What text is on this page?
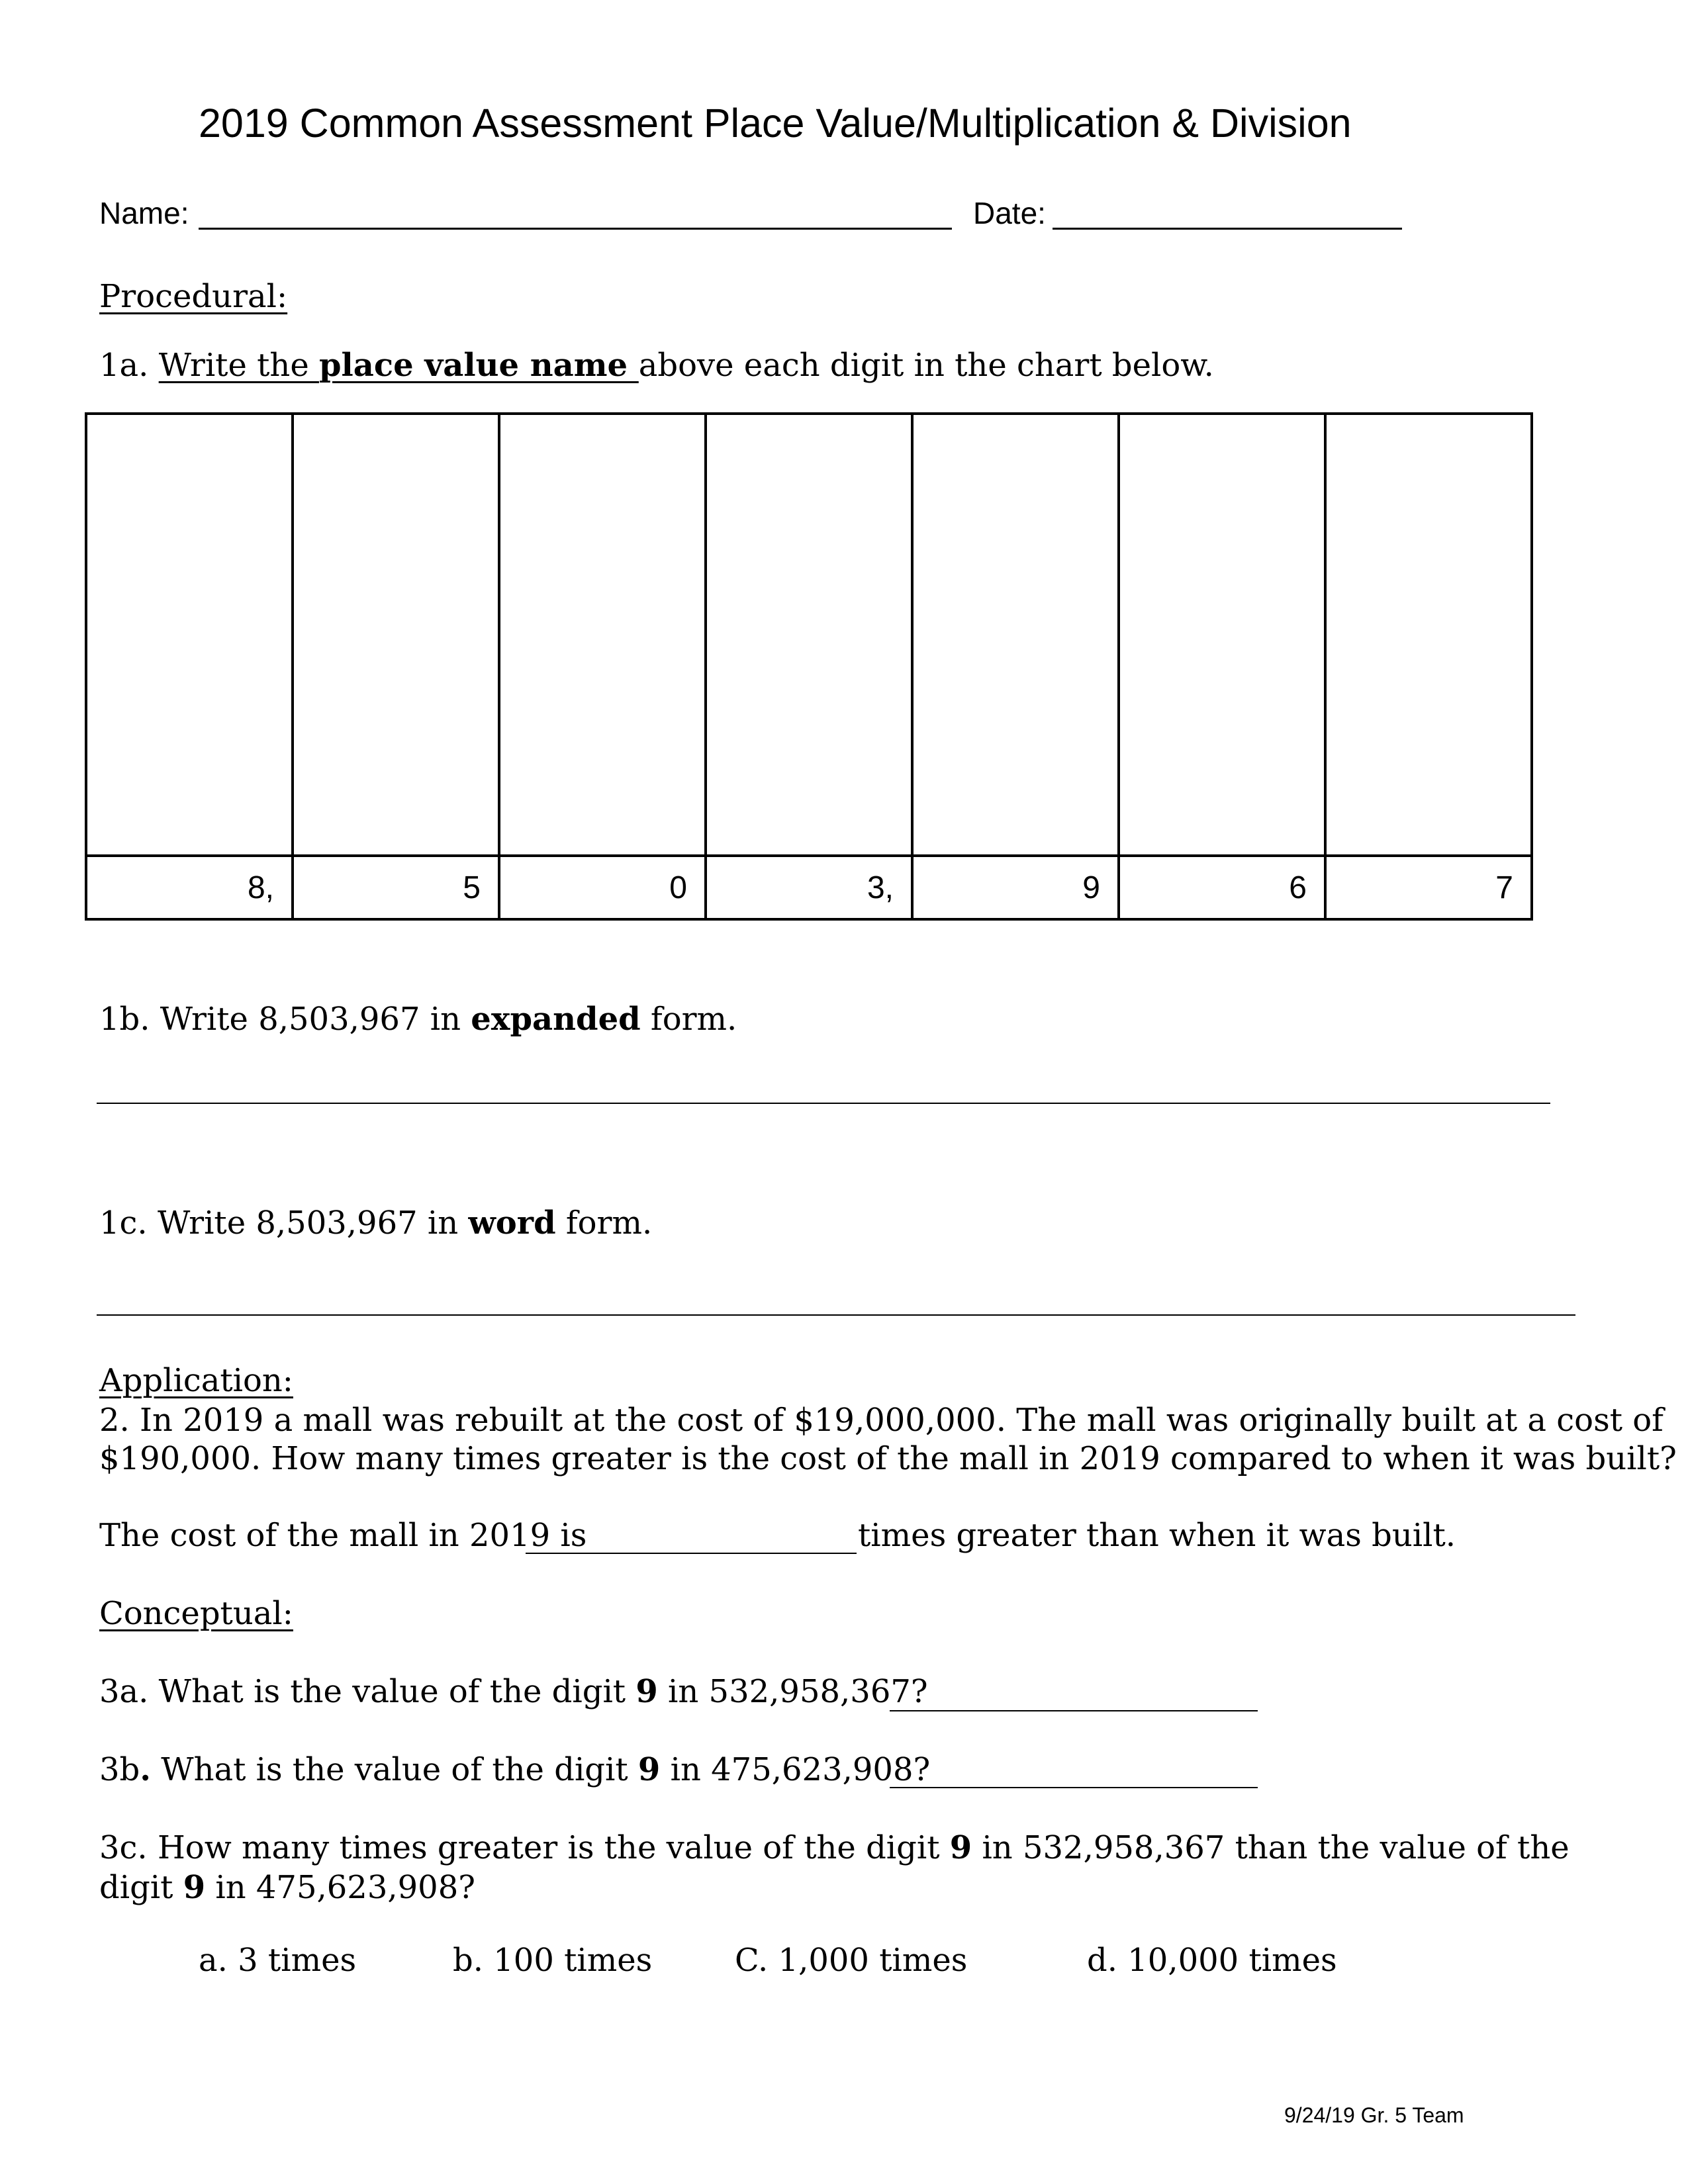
2019 Common Assessment Place Value/Multiplication & Division
Name:	Date:
Procedural:
1a. Write the place value name above each digit in the chart below.

8,	5	0	3,	9	6	7
1b. Write 8,503,967 in expanded form.
1c. Write 8,503,967 in word form.
Application:
2. In 2019 a mall was rebuilt at the cost of $19,000,000. The mall was originally built at a cost of
$190,000. How many times greater is the cost of the mall in 2019 compared to when it was built?
The cost of the mall in 2019 is	times greater than when it was built.
Conceptual:
3a. What is the value of the digit 9 in 532,958,367?
3b. What is the value of the digit 9 in 475,623,908?
3c. How many times greater is the value of the digit 9 in 532,958,367 than the value of the
digit 9 in 475,623,908?
a. 3 times	b. 100 times	C. 1,000 times	d. 10,000 times
9/24/19 Gr. 5 Team
